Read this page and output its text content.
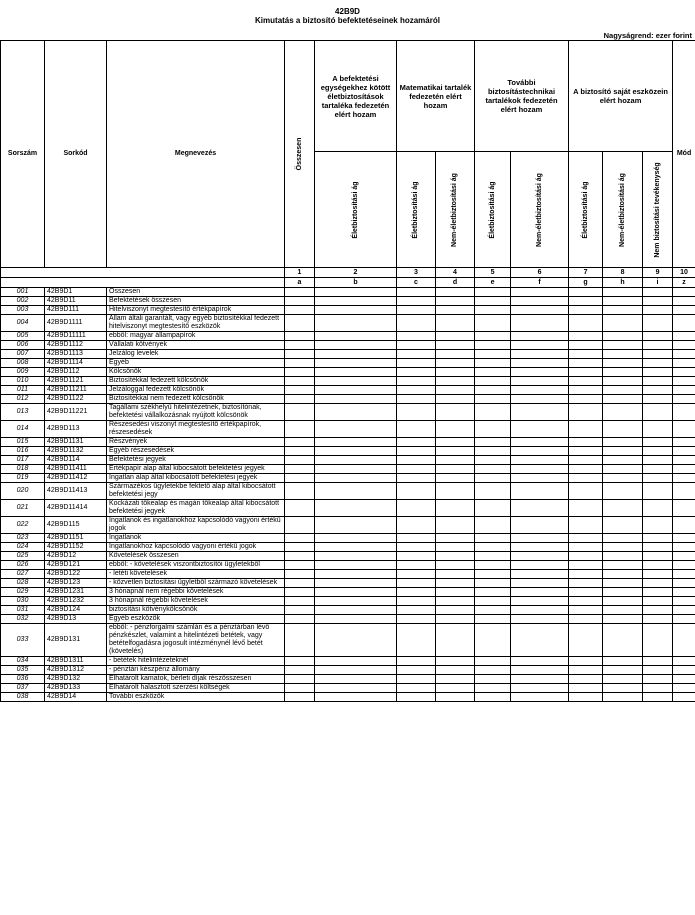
42B9D
Kimutatás a biztosító befektetéseinek hozamáról
Nagyságrend: ezer forint
Sorszám	Sorkód	Megnevezés	Összesen	A befektetési egységekhez kötött életbiztosítások tartaléka fedezetén elért hozam	Matematikai tartalék fedezetén elért hozam		További biztosítástechnikai tartalékok fedezetén elért hozam		A biztosító saját eszközein elért hozam			Mód

				Életbiztosítási ág	Életbiztosítási ág	Nem-életbiztosítási ág	Életbiztosítási ág	Nem-életbiztosítási ág	Életbiztosítási ág	Nem-életbiztosítási ág	Nem biztosítási tevékenység	

			1	2	3	4	5	6	7	8	9	10
			a	b	c	d	e	f	g	h	i	z
001	42B9D1	Összesen										
002	42B9D11	Befektetések összesen										
003	42B9D111	Hitelviszonyt megtestesítő értékpapírok										
004	42B9D1111	Állam általi garantált, vagy egyéb biztosítékkal fedezett hitelviszonyt megtestesítő eszközök										
005	42B9D11111	ebből: magyar állampapírok										
006	42B9D1112	Vállalati kötvények										
007	42B9D1113	Jelzálog levelek										
008	42B9D1114	Egyéb										
009	42B9D112	Kölcsönök										
010	42B9D1121	Biztosítékkal fedezett kölcsönök										
011	42B9D11211	Jelzáloggal fedezett kölcsönök										
012	42B9D1122	Biztosítékkal nem fedezett kölcsönök										
013	42B9D11221	Tagállami székhelyű hitelintézetnek, biztosítónak, befektetési vállalkozásnak nyújtott kölcsönök										
014	42B9D113	Részesedési viszonyt megtestesítő értékpapírok, részesedések										
015	42B9D1131	Részvények										
016	42B9D1132	Egyéb részesedések										
017	42B9D114	Befektetési jegyek										
018	42B9D11411	Értékpapír alap által kibocsátott befektetési jegyek										
019	42B9D11412	Ingatlan alap által kibocsátott befektetési jegyek										
020	42B9D11413	Származékos ügyletekbe fektető alap által kibocsátott befektetési jegy										
021	42B9D11414	Kockázati tőkealap és magán tőkealap által kibocsátott befektetési jegyek										
022	42B9D115	Ingatlanok és ingatlanokhoz kapcsolódó vagyoni értékű jogok										
023	42B9D1151	Ingatlanok										
024	42B9D1152	Ingatlanokhoz kapcsolódó vagyoni értékű jogok										
025	42B9D12	Követelések összesen										
026	42B9D121	ebből: - követelések viszontbiztosítói ügyletekből										
027	42B9D122	- letéti követelések										
028	42B9D123	- közvetlen biztosítási ügyletből származó követelések										
029	42B9D1231	3 hónapnál nem régebbi követelések										
030	42B9D1232	3 hónapnál régebbi követelések										
031	42B9D124	biztosítási kötvénykölcsönök										
032	42B9D13	Egyéb eszközök										
033	42B9D131	ebből: - pénzforgalmi számlán és a pénztárban lévő pénzkészlet, valamint a hitelintézeti betétek, vagy betételfogadásra jogosult intézménynél lévő betét (követelés)										
034	42B9D1311	- betétek hitelintézeteknél										
035	42B9D1312	- pénztári készpénz állomány										
036	42B9D132	Elhatárolt kamatok, bérleti díjak részösszesen										
037	42B9D133	Elhatárolt halasztott szerzési költségek										
038	42B9D14	További eszközök										
